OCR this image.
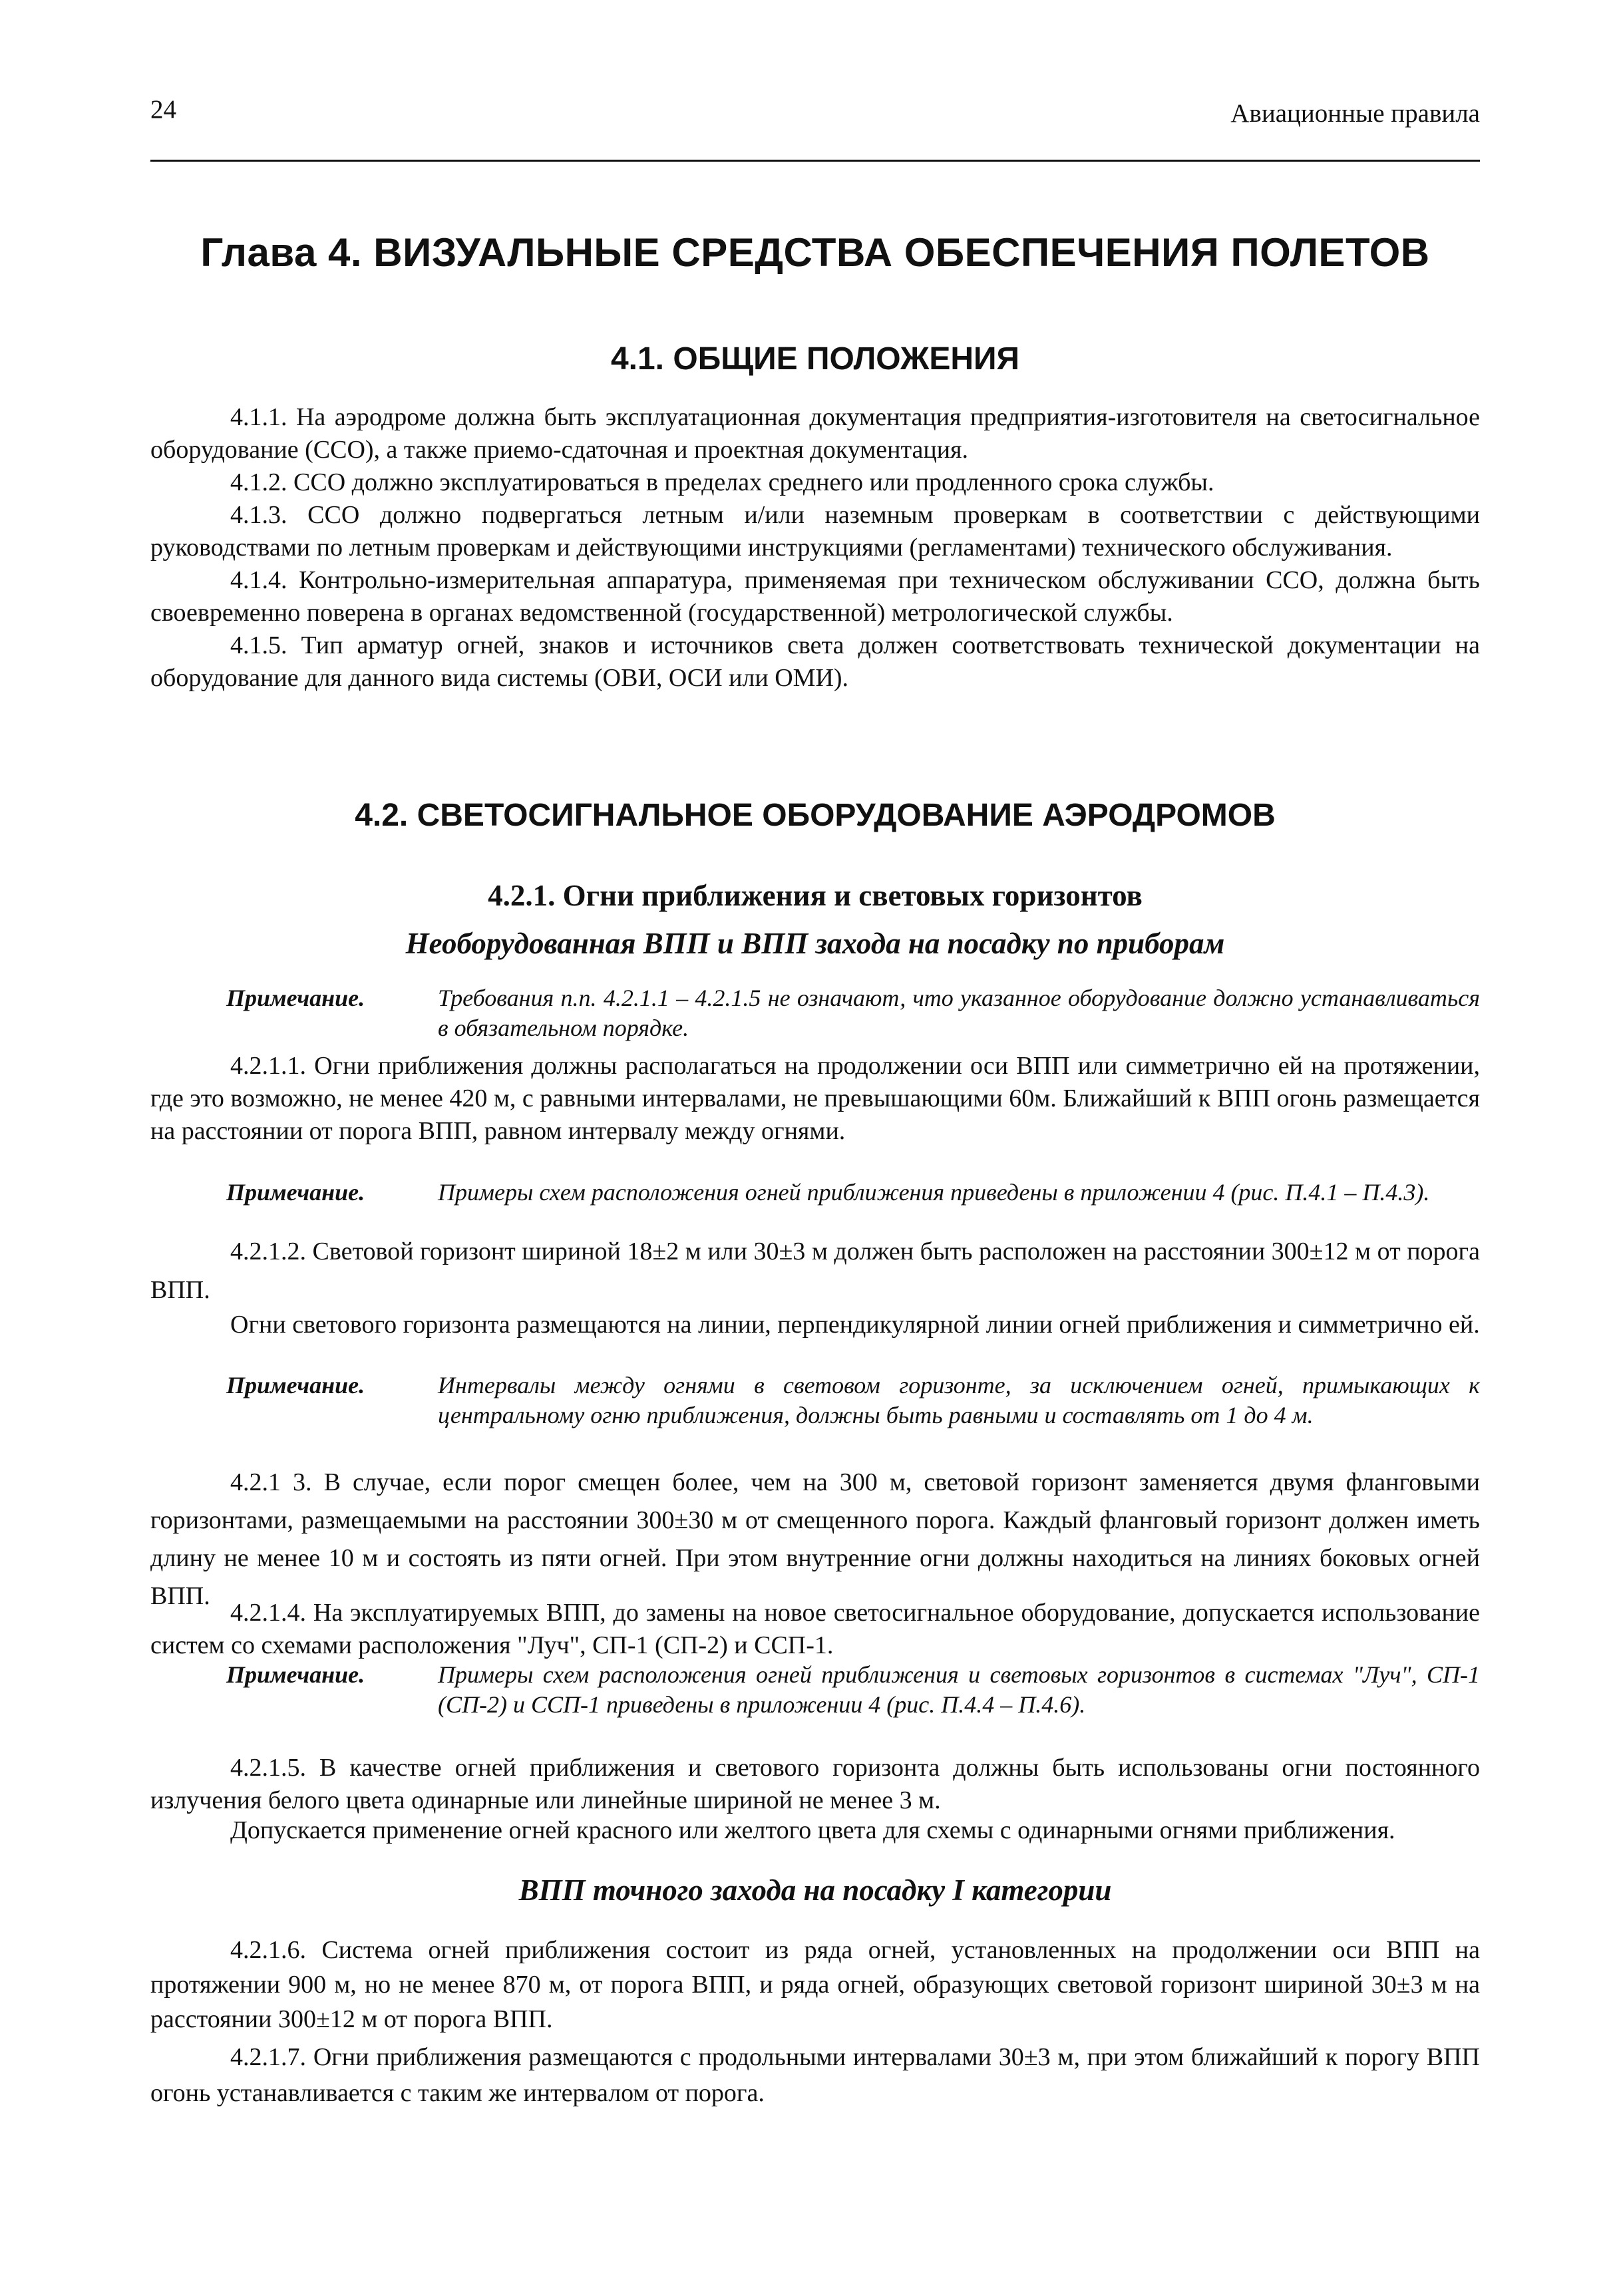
24	Авиационные правила
Глава 4. ВИЗУАЛЬНЫЕ СРЕДСТВА ОБЕСПЕЧЕНИЯ ПОЛЕТОВ
4.1. ОБЩИЕ ПОЛОЖЕНИЯ

4.1.1. На аэродроме должна быть эксплуатационная документация предприятия-изготовителя на светосигнальное оборудование (ССО), а также приемо-сдаточная и проектная документация.

4.1.2. ССО должно эксплуатироваться в пределах среднего или продленного срока службы.

4.1.3. ССО должно подвергаться летным и/или наземным проверкам в соответствии с действующими руководствами по летным проверкам и действующими инструкциями (регламентами) технического обслуживания.

4.1.4. Контрольно-измерительная аппаратура, применяемая при техническом обслуживании ССО, должна быть своевременно поверена в органах ведомственной (государственной) метрологической службы.

4.1.5. Тип арматур огней, знаков и источников света должен соответствовать технической документации на оборудование для данного вида системы (ОВИ, ОСИ или ОМИ).

4.2. СВЕТОСИГНАЛЬНОЕ ОБОРУДОВАНИЕ АЭРОДРОМОВ
4.2.1. Огни приближения и световых горизонтов
Необорудованная ВПП и ВПП захода на посадку по приборам
Примечание.	Требования п.п. 4.2.1.1 – 4.2.1.5 не означают, что указанное оборудование должно устанавливаться в обязательном порядке.

4.2.1.1. Огни приближения должны располагаться на продолжении оси ВПП или симметрично ей на протяжении, где это возможно, не менее 420 м, с равными интервалами, не превышающими 60м. Ближайший к ВПП огонь размещается на расстоянии от порога ВПП, равном интервалу между огнями.

Примечание.	Примеры схем расположения огней приближения приведены в приложении 4 (рис. П.4.1 – П.4.3).

4.2.1.2. Световой горизонт шириной 18±2 м или 30±3 м должен быть расположен на расстоянии 300±12 м от порога ВПП.

Огни светового горизонта размещаются на линии, перпендикулярной линии огней приближения и симметрично ей.

Примечание.	Интервалы между огнями в световом горизонте, за исключением огней, примыкающих к центральному огню приближения, должны быть равными и составлять от 1 до 4 м.

4.2.1 3. В случае, если порог смещен более, чем на 300 м, световой горизонт заменяется двумя фланговыми горизонтами, размещаемыми на расстоянии 300±30 м от смещенного порога. Каждый фланговый горизонт должен иметь длину не менее 10 м и состоять из пяти огней. При этом внутренние огни должны находиться на линиях боковых огней ВПП.

4.2.1.4. На эксплуатируемых ВПП, до замены на новое светосигнальное оборудование, допускается использование систем со схемами расположения "Луч", СП-1 (СП-2) и ССП-1.

Примечание.	Примеры схем расположения огней приближения и световых горизонтов в системах "Луч", СП-1 (СП-2) и ССП-1 приведены в приложении 4 (рис. П.4.4 – П.4.6).

4.2.1.5. В качестве огней приближения и светового горизонта должны быть использованы огни постоянного излучения белого цвета одинарные или линейные шириной не менее 3 м.

Допускается применение огней красного или желтого цвета для схемы с одинарными огнями приближения.

ВПП точного захода на посадку I категории

4.2.1.6. Система огней приближения состоит из ряда огней, установленных на продолжении оси ВПП на протяжении 900 м, но не менее 870 м, от порога ВПП, и ряда огней, образующих световой горизонт шириной 30±3 м на расстоянии 300±12 м от порога ВПП.

4.2.1.7. Огни приближения размещаются с продольными интервалами 30±3 м, при этом ближайший к порогу ВПП огонь устанавливается с таким же интервалом от порога.
